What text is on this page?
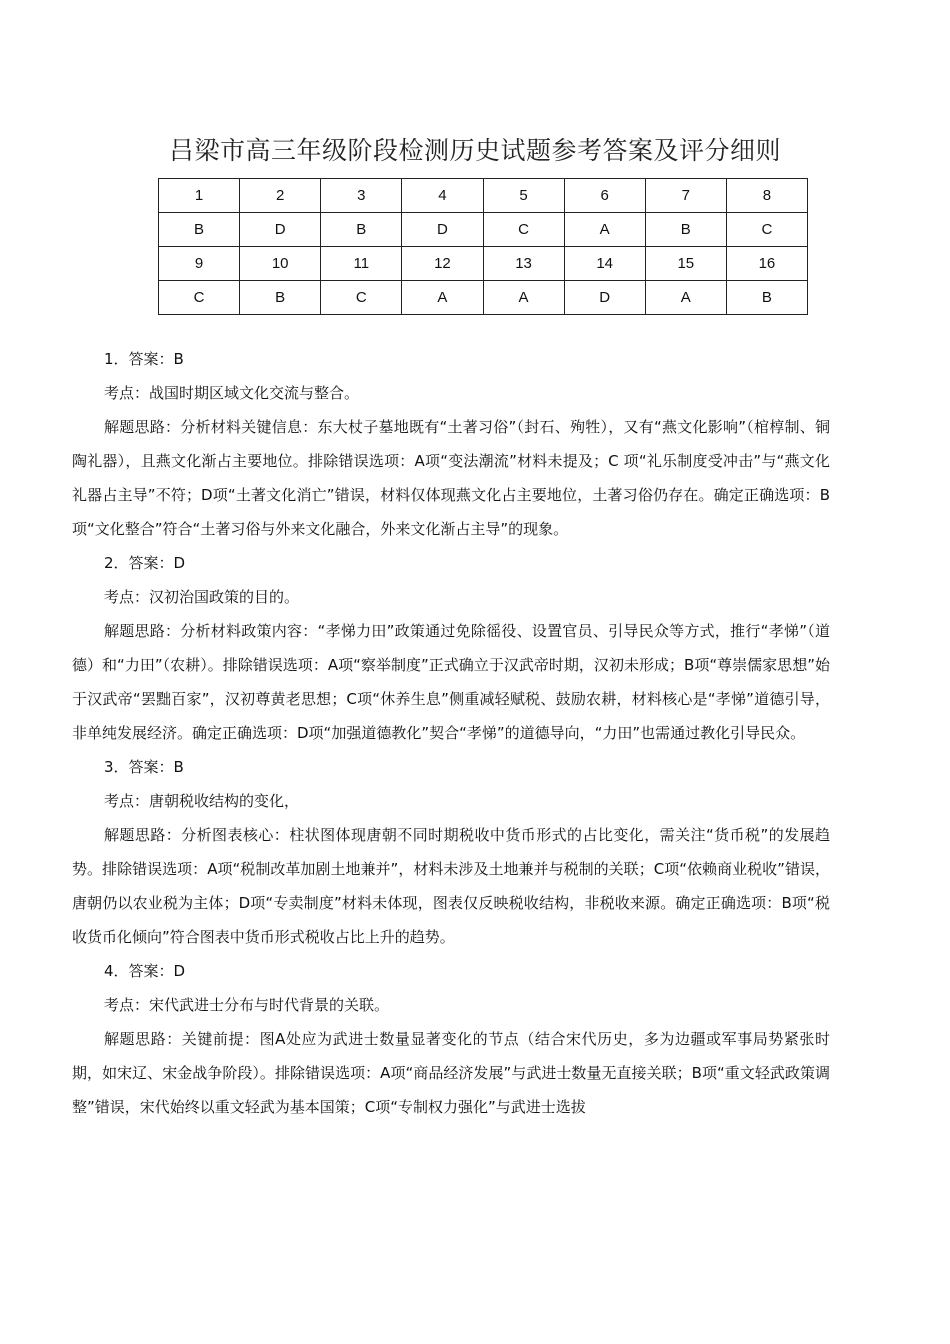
吕梁市高三年级阶段检测历史试题参考答案及评分细则
1	2	3	4	5	6	7	8
B	D	B	D	C	A	B	C
9	10	11	12	13	14	15	16
C	B	C	A	A	D	A	B

1．答案：B

考点：战国时期区域文化交流与整合。

解题思路：分析材料关键信息：东大杖子墓地既有“土著习俗”（封石、殉牲），又有“燕文化影响”（棺椁制、铜陶礼器），且燕文化渐占主要地位。排除错误选项：A项“变法潮流”材料未提及；C 项“礼乐制度受冲击”与“燕文化礼器占主导”不符；D项“土著文化消亡”错误，材料仅体现燕文化占主要地位，土著习俗仍存在。确定正确选项：B项“文化整合”符合“土著习俗与外来文化融合，外来文化渐占主导”的现象。

2．答案：D

考点：汉初治国政策的目的。

解题思路：分析材料政策内容：“孝悌力田”政策通过免除徭役、设置官员、引导民众等方式，推行“孝悌”（道德）和“力田”（农耕）。排除错误选项：A项“察举制度”正式确立于汉武帝时期，汉初未形成；B项“尊崇儒家思想”始于汉武帝“罢黜百家”，汉初尊黄老思想；C项“休养生息”侧重减轻赋税、鼓励农耕，材料核心是“孝悌”道德引导，非单纯发展经济。确定正确选项：D项“加强道德教化”契合“孝悌”的道德导向，“力田”也需通过教化引导民众。

3．答案：B

考点：唐朝税收结构的变化，

解题思路：分析图表核心：柱状图体现唐朝不同时期税收中货币形式的占比变化，需关注“货币税”的发展趋势。排除错误选项：A项“税制改革加剧土地兼并”，材料未涉及土地兼并与税制的关联；C项“依赖商业税收”错误，唐朝仍以农业税为主体；D项“专卖制度”材料未体现，图表仅反映税收结构，非税收来源。确定正确选项：B项“税收货币化倾向”符合图表中货币形式税收占比上升的趋势。

4．答案：D

考点：宋代武进士分布与时代背景的关联。

解题思路：关键前提：图A处应为武进士数量显著变化的节点（结合宋代历史，多为边疆或军事局势紧张时期，如宋辽、宋金战争阶段）。排除错误选项：A项“商品经济发展”与武进士数量无直接关联；B项“重文轻武政策调整”错误，宋代始终以重文轻武为基本国策；C项“专制权力强化”与武进士选拔
